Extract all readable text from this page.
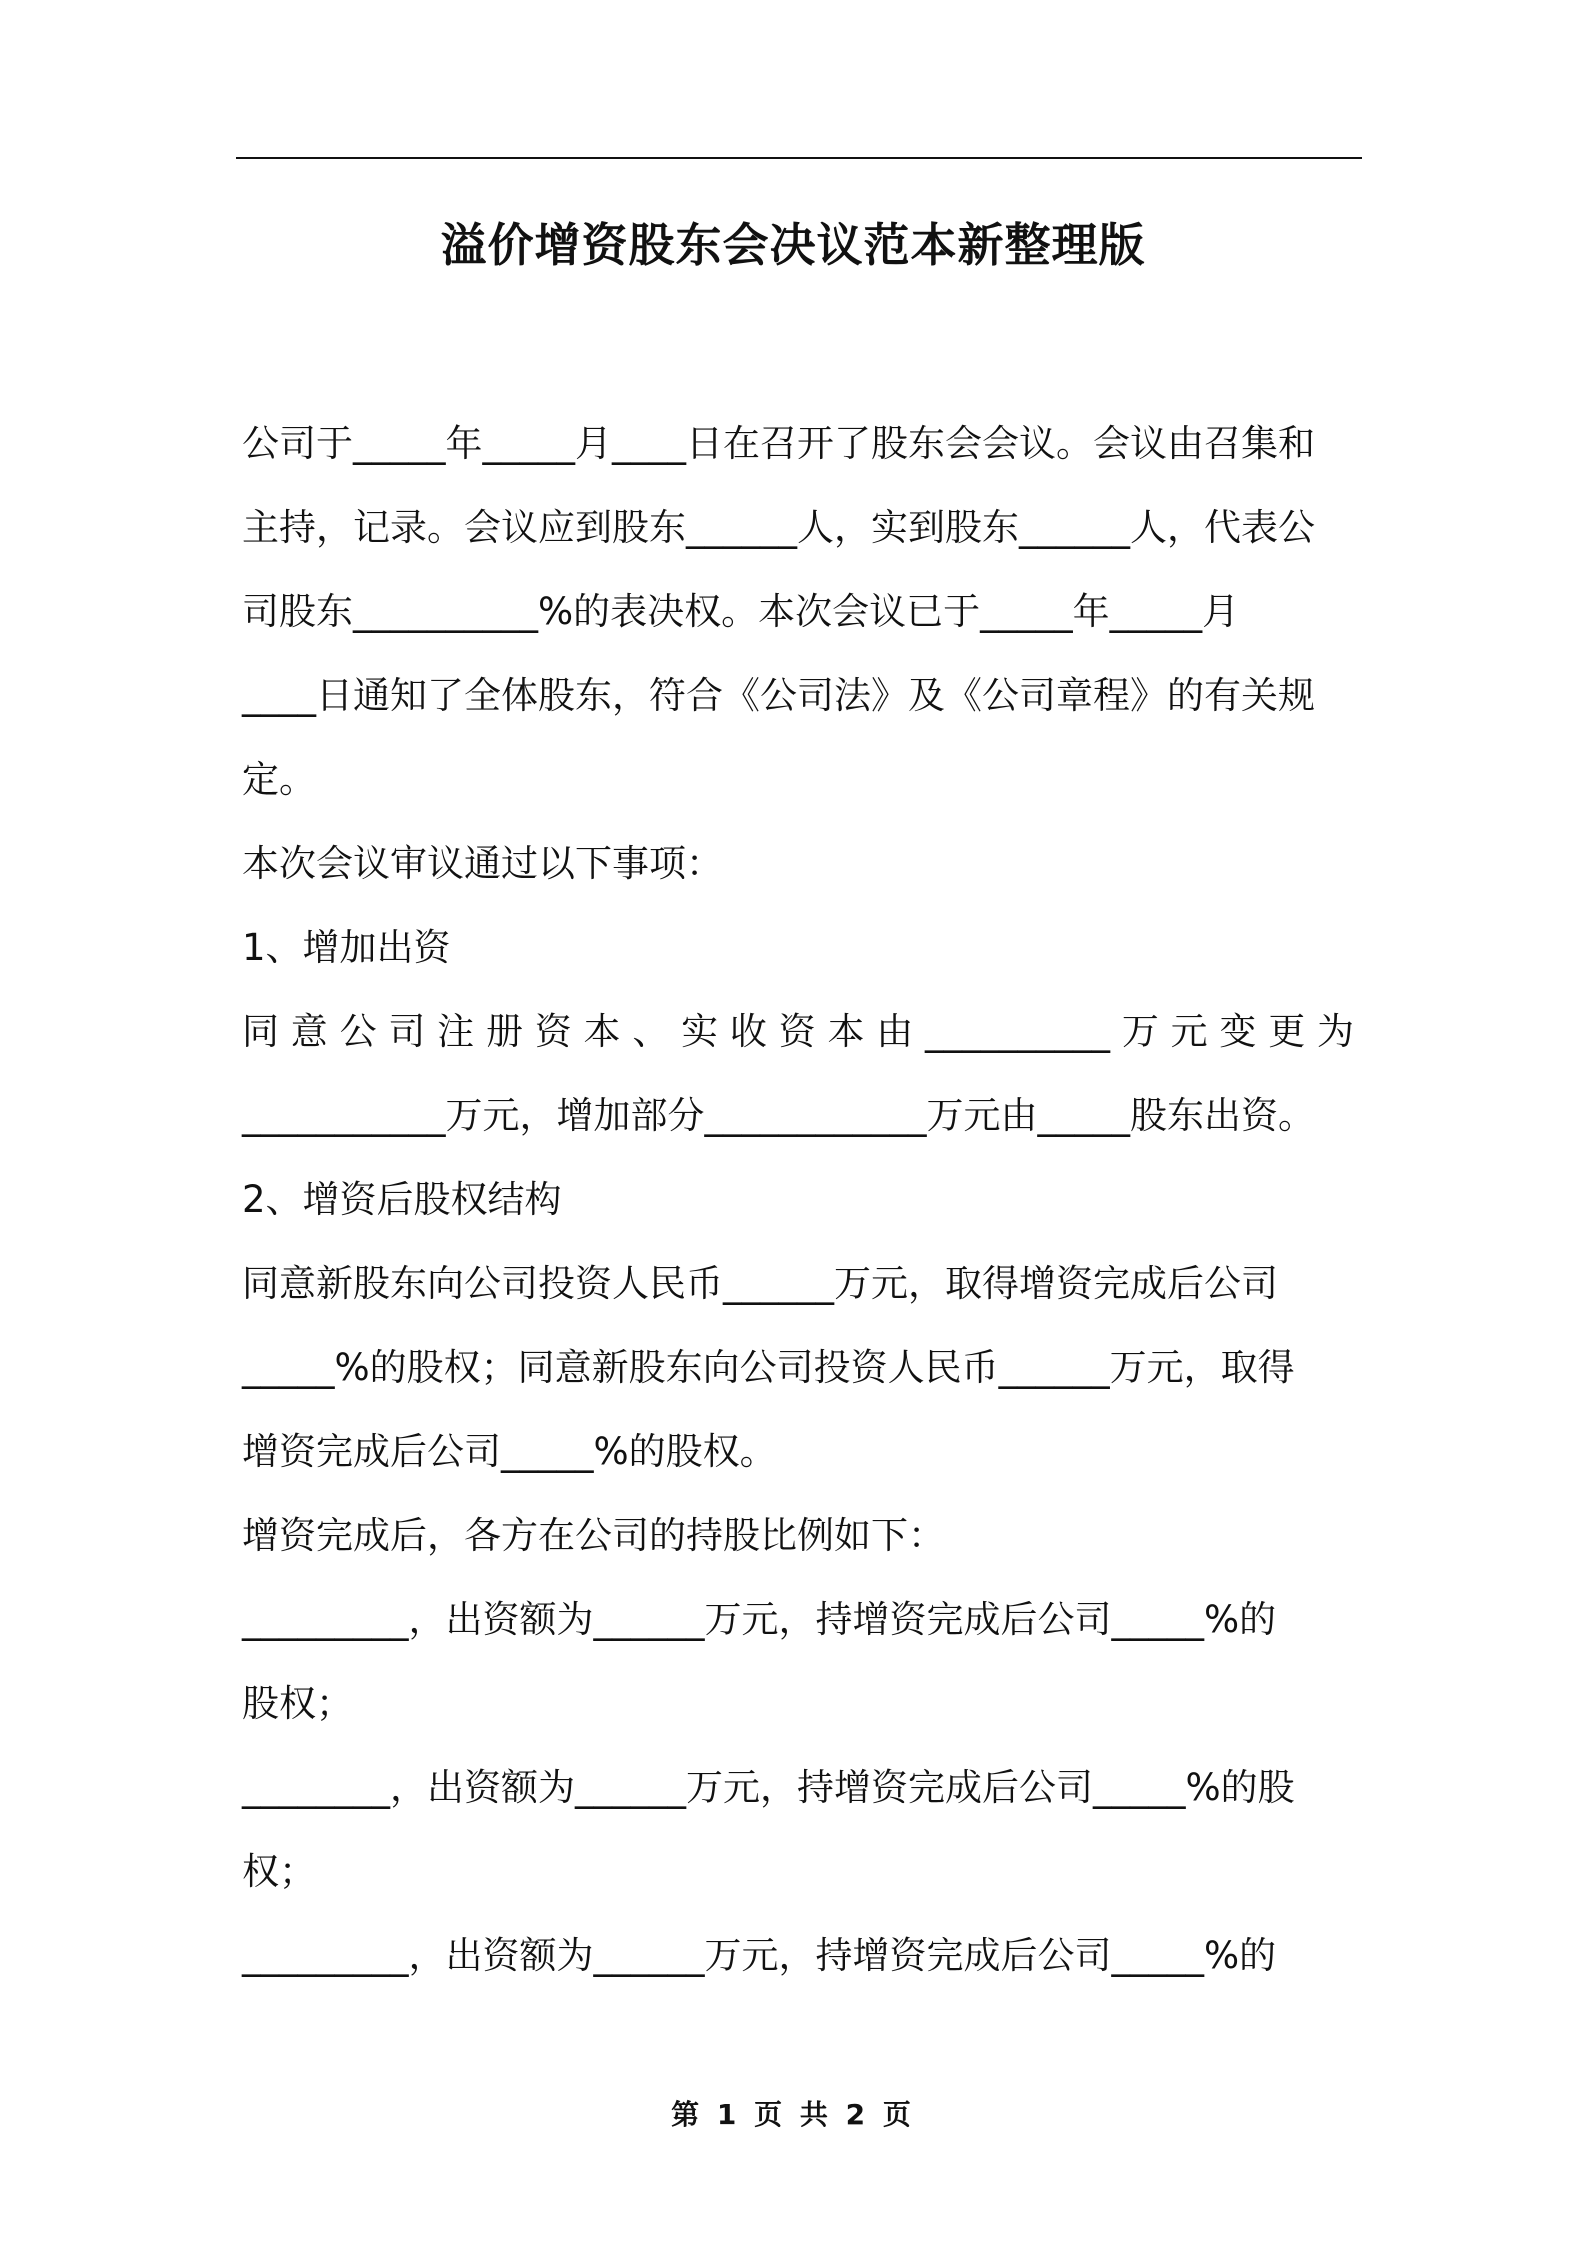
溢价增资股东会决议范本新整理版
公司于_____年_____月____日在召开了股东会会议。会议由召集和
主持，记录。会议应到股东______人，实到股东______人，代表公
司股东__________%的表决权。本次会议已于_____年_____月
____日通知了全体股东，符合《公司法》及《公司章程》的有关规
定。
本次会议审议通过以下事项：
1、增加出资
同意公司注册资本、实收资本由__________万元变更为
___________万元，增加部分____________万元由_____股东出资。
2、增资后股权结构
同意新股东向公司投资人民币______万元，取得增资完成后公司
_____%的股权；同意新股东向公司投资人民币______万元，取得
增资完成后公司_____%的股权。
增资完成后，各方在公司的持股比例如下：
_________，出资额为______万元，持增资完成后公司_____%的
股权；
________，出资额为______万元，持增资完成后公司_____%的股
权；
_________，出资额为______万元，持增资完成后公司_____%的
第 1 页 共 2 页
